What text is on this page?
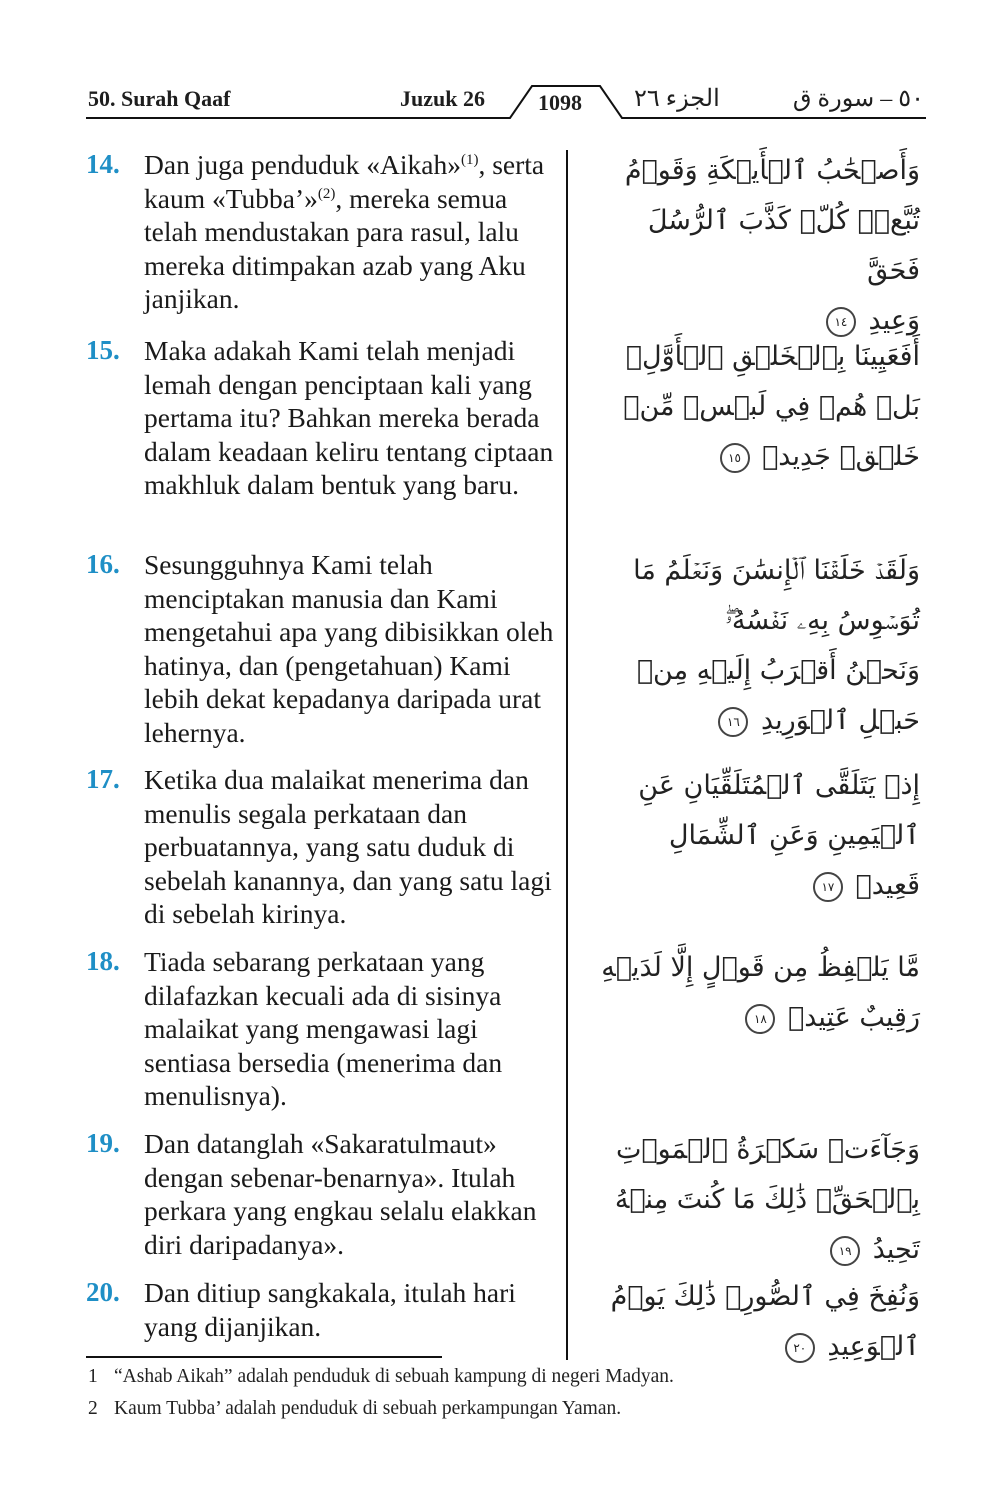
50. Surah Qaaf	Juzuk 26 1098 الجزء ٢٦	٥٠ – سورة ق
14. Dan juga penduduk «Aikah»$^{(1)}$, serta kaum «Tubba’»$^{(2)}$, mereka semua telah mendustakan para rasul, lalu mereka ditimpakan azab yang Aku janjikan.
وَأَصۡحَٰبُ ٱلۡأَيۡكَةِ وَقَوۡمُ تُبَّعٖۚ كُلّٞ كَذَّبَ ٱلرُّسُلَ فَحَقَّ
وَعِيدِ ١٤
15. Maka adakah Kami telah menjadi lemah dengan penciptaan kali yang pertama itu? Bahkan mereka berada dalam keadaan keliru tentang ciptaan makhluk dalam bentuk yang baru.
أَفَعَيِينَا بِٱلۡخَلۡقِ ٱلۡأَوَّلِۚ بَلۡ هُمۡ فِي لَبۡسٖ مِّنۡ
خَلۡقٖ جَدِيدٖ ١٥
16. Sesungguhnya Kami telah menciptakan manusia dan Kami mengetahui apa yang dibisikkan oleh hatinya, dan (pengetahuan) Kami lebih dekat kepadanya daripada urat lehernya.
وَلَقَدۡ خَلَقۡنَا ٱلۡإِنسَٰنَ وَنَعۡلَمُ مَا تُوَسۡوِسُ بِهِۦ نَفۡسُهُۥۖ
وَنَحۡنُ أَقۡرَبُ إِلَيۡهِ مِنۡ حَبۡلِ ٱلۡوَرِيدِ ١٦
17. Ketika dua malaikat menerima dan menulis segala perkataan dan perbuatannya, yang satu duduk di sebelah kanannya, dan yang satu lagi di sebelah kirinya.
إِذۡ يَتَلَقَّى ٱلۡمُتَلَقِّيَانِ عَنِ ٱلۡيَمِينِ وَعَنِ ٱلشِّمَالِ
قَعِيدٞ ١٧
18. Tiada sebarang perkataan yang dilafazkan kecuali ada di sisinya malaikat yang mengawasi lagi sentiasa bersedia (menerima dan menulisnya).
مَّا يَلۡفِظُ مِن قَوۡلٍ إِلَّا لَدَيۡهِ رَقِيبٌ عَتِيدٞ ١٨
19. Dan datanglah «Sakaratulmaut» dengan sebenar-benarnya». Itulah perkara yang engkau selalu elakkan diri daripadanya».
وَجَآءَتۡ سَكۡرَةُ ٱلۡمَوۡتِ بِٱلۡحَقِّۖ ذَٰلِكَ مَا كُنتَ مِنۡهُ
تَحِيدُ ١٩
20. Dan ditiup sangkakala, itulah hari yang dijanjikan.
وَنُفِخَ فِي ٱلصُّورِۚ ذَٰلِكَ يَوۡمُ ٱلۡوَعِيدِ ٢٠
1 “Ashab Aikah” adalah penduduk di sebuah kampung di negeri Madyan.
2 Kaum Tubba’ adalah penduduk di sebuah perkampungan Yaman.
